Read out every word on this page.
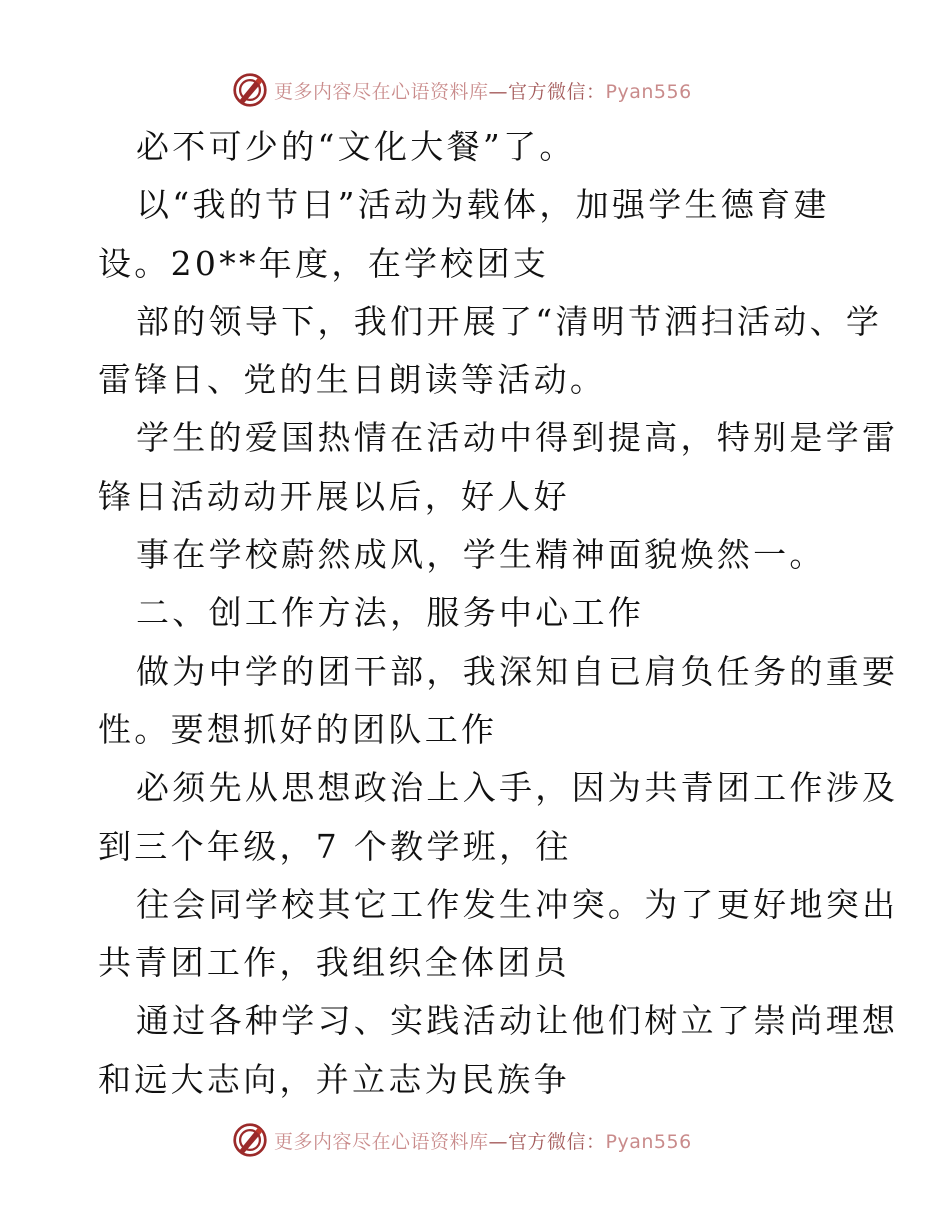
更多内容尽在心语资料库—官方微信：Pyan556
必不可少的“文化大餐”了。
以“我的节日”活动为载体，加强学生德育建
设。20**年度，在学校团支
部的领导下，我们开展了“清明节洒扫活动、学
雷锋日、党的生日朗读等活动。
学生的爱国热情在活动中得到提高，特别是学雷
锋日活动动开展以后，好人好
事在学校蔚然成风，学生精神面貌焕然一。
二、创工作方法，服务中心工作
做为中学的团干部，我深知自已肩负任务的重要
性。要想抓好的团队工作
必须先从思想政治上入手，因为共青团工作涉及
到三个年级，7 个教学班，往
往会同学校其它工作发生冲突。为了更好地突出
共青团工作，我组织全体团员
通过各种学习、实践活动让他们树立了崇尚理想
和远大志向，并立志为民族争
更多内容尽在心语资料库—官方微信：Pyan556
